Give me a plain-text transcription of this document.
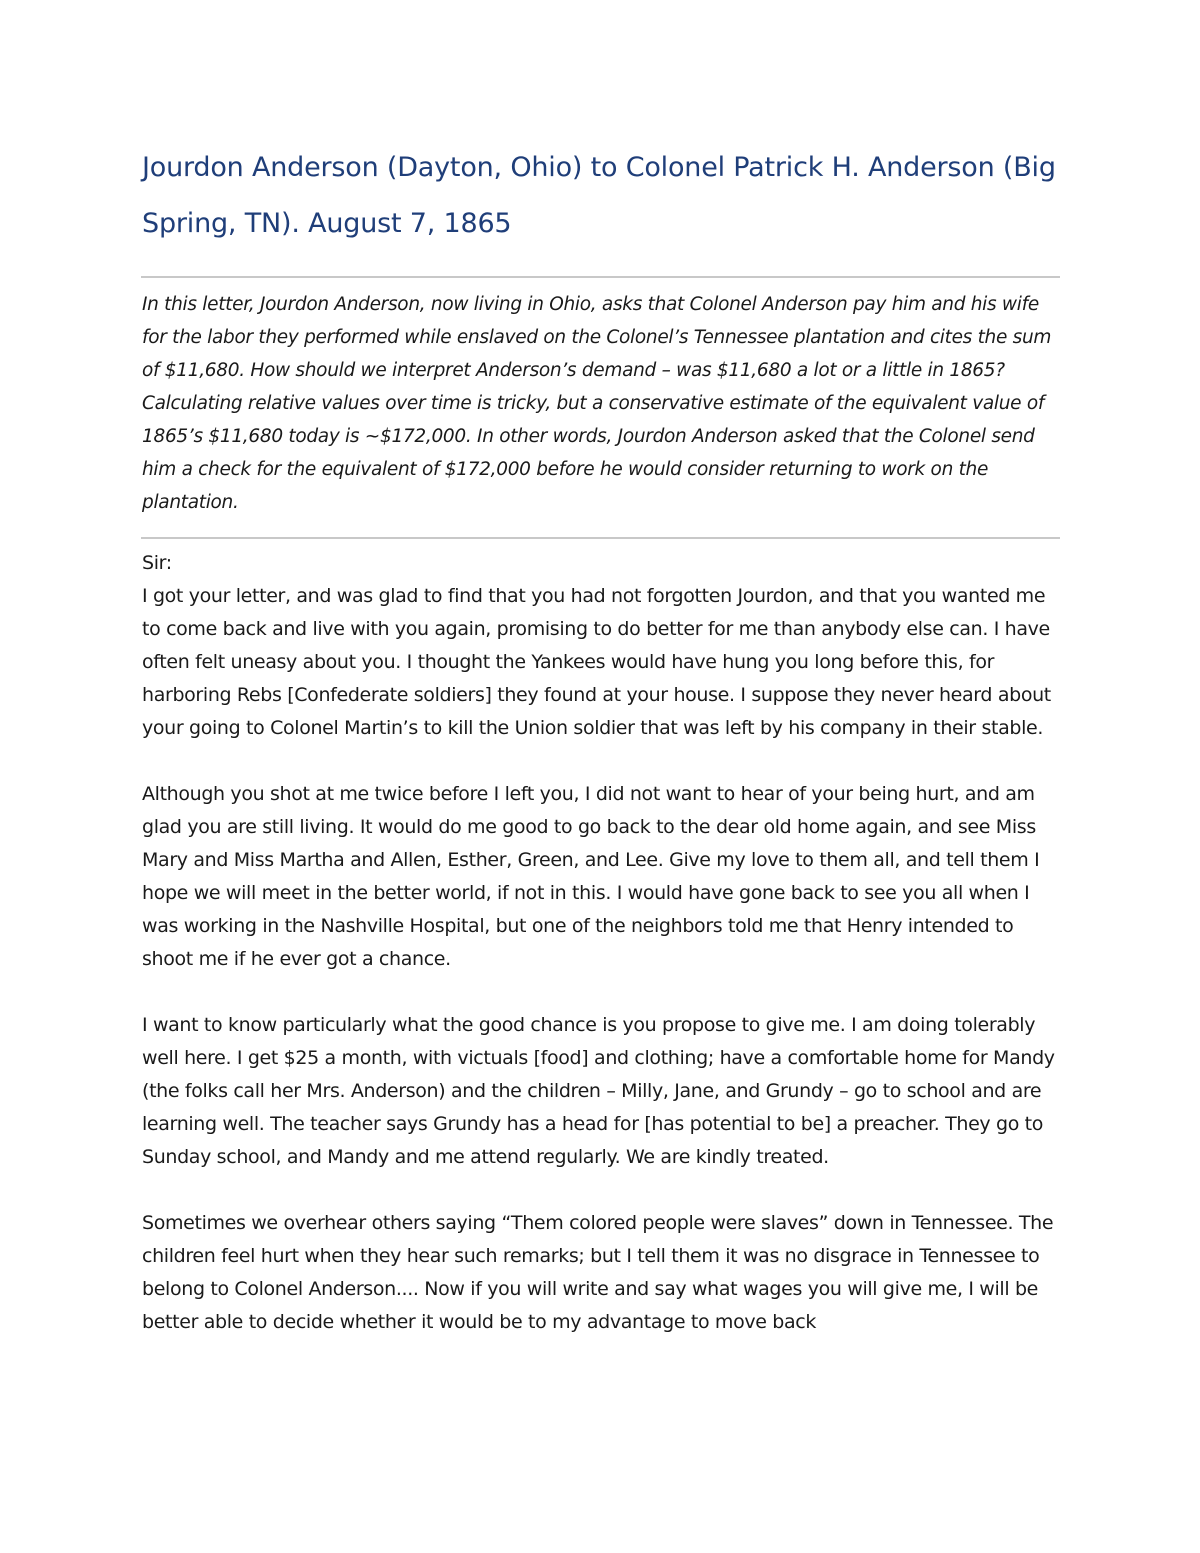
Jourdon Anderson (Dayton, Ohio) to Colonel Patrick H. Anderson (Big Spring, TN). August 7, 1865

In this letter, Jourdon Anderson, now living in Ohio, asks that Colonel Anderson pay him and his wife for the labor they performed while enslaved on the Colonel’s Tennessee plantation and cites the sum of $11,680. How should we interpret Anderson’s demand – was $11,680 a lot or a little in 1865? Calculating relative values over time is tricky, but a conservative estimate of the equivalent value of 1865’s $11,680 today is ~$172,000. In other words, Jourdon Anderson asked that the Colonel send him a check for the equivalent of $172,000 before he would consider returning to work on the plantation.

Sir:

I got your letter, and was glad to find that you had not forgotten Jourdon, and that you wanted me to come back and live with you again, promising to do better for me than anybody else can. I have often felt uneasy about you. I thought the Yankees would have hung you long before this, for harboring Rebs [Confederate soldiers] they found at your house. I suppose they never heard about your going to Colonel Martin’s to kill the Union soldier that was left by his company in their stable.

Although you shot at me twice before I left you, I did not want to hear of your being hurt, and am glad you are still living. It would do me good to go back to the dear old home again, and see Miss Mary and Miss Martha and Allen, Esther, Green, and Lee. Give my love to them all, and tell them I hope we will meet in the better world, if not in this. I would have gone back to see you all when I was working in the Nashville Hospital, but one of the neighbors told me that Henry intended to shoot me if he ever got a chance.

I want to know particularly what the good chance is you propose to give me. I am doing tolerably well here. I get $25 a month, with victuals [food] and clothing; have a comfortable home for Mandy (the folks call her Mrs. Anderson) and the children – Milly, Jane, and Grundy – go to school and are learning well. The teacher says Grundy has a head for [has potential to be] a preacher. They go to Sunday school, and Mandy and me attend regularly. We are kindly treated.

Sometimes we overhear others saying “Them colored people were slaves” down in Tennessee. The children feel hurt when they hear such remarks; but I tell them it was no disgrace in Tennessee to belong to Colonel Anderson.... Now if you will write and say what wages you will give me, I will be better able to decide whether it would be to my advantage to move back
